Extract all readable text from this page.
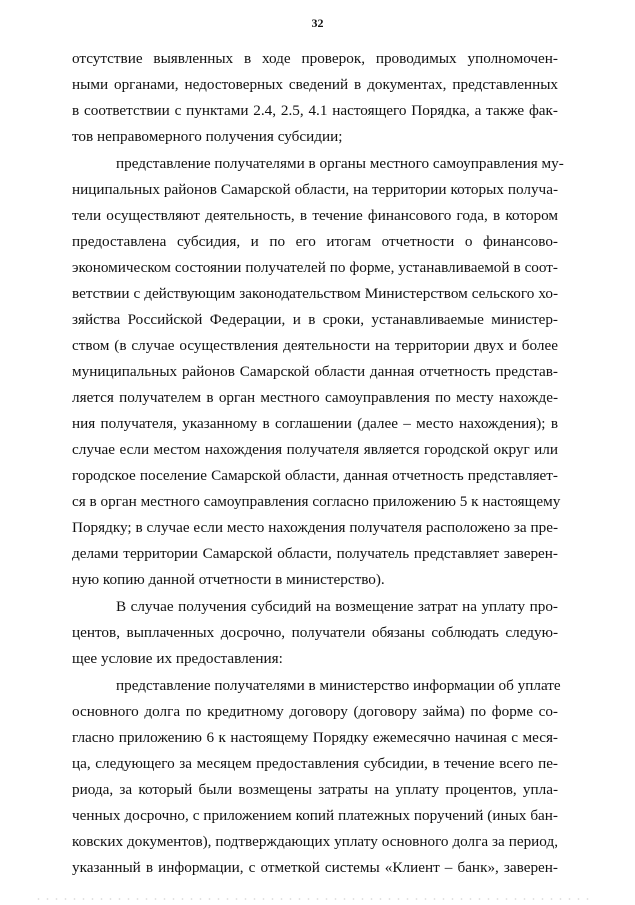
32
отсутствие выявленных в ходе проверок, проводимых уполномочен-
ными органами, недостоверных сведений в документах, представленных
в соответствии с пунктами 2.4, 2.5, 4.1 настоящего Порядка, а также фак-
тов неправомерного получения субсидии;
представление получателями в органы местного самоуправления му-
ниципальных районов Самарской области, на территории которых получа-
тели осуществляют деятельность, в течение финансового года, в котором
предоставлена субсидия, и по его итогам отчетности о финансово-
экономическом состоянии получателей по форме, устанавливаемой в соот-
ветствии с действующим законодательством Министерством сельского хо-
зяйства Российской Федерации, и в сроки, устанавливаемые министер-
ством (в случае осуществления деятельности на территории двух и более
муниципальных районов Самарской области данная отчетность представ-
ляется получателем в орган местного самоуправления по месту нахожде-
ния получателя, указанному в соглашении (далее – место нахождения); в
случае если местом нахождения получателя является городской округ или
городское поселение Самарской области, данная отчетность представляет-
ся в орган местного самоуправления согласно приложению 5 к настоящему
Порядку; в случае если место нахождения получателя расположено за пре-
делами территории Самарской области, получатель представляет заверен-
ную копию данной отчетности в министерство).
В случае получения субсидий на возмещение затрат на уплату про-
центов, выплаченных досрочно, получатели обязаны соблюдать следую-
щее условие их предоставления:
представление получателями в министерство информации об уплате
основного долга по кредитному договору (договору займа) по форме со-
гласно приложению 6 к настоящему Порядку ежемесячно начиная с меся-
ца, следующего за месяцем предоставления субсидии, в течение всего пе-
риода, за который были возмещены затраты на уплату процентов, упла-
ченных досрочно, с приложением копий платежных поручений (иных бан-
ковских документов), подтверждающих уплату основного долга за период,
указанный в информации, с отметкой системы «Клиент – банк», заверен-
